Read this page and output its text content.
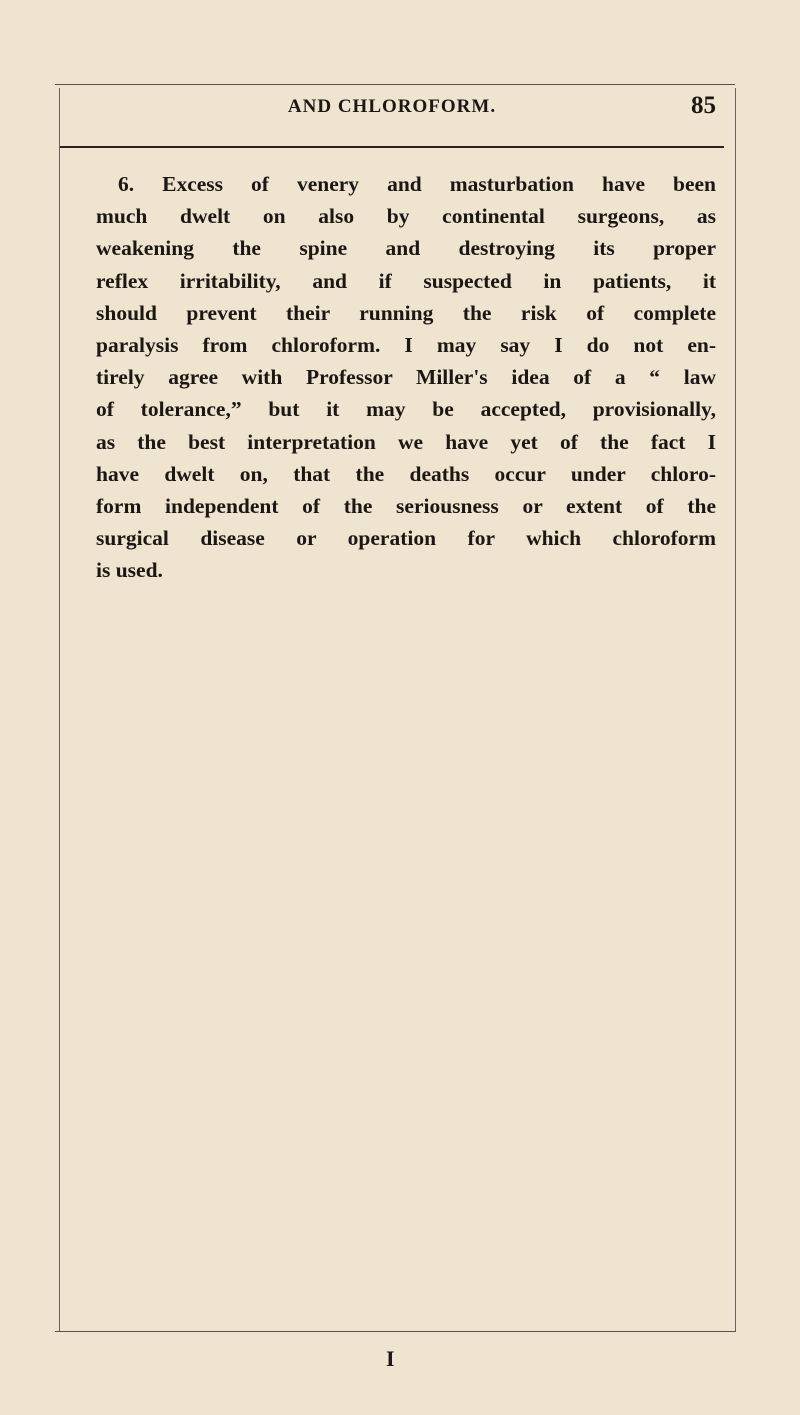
AND CHLOROFORM.	85
6. Excess of venery and masturbation have been
much dwelt on also by continental surgeons, as
weakening the spine and destroying its proper
reflex irritability, and if suspected in patients, it
should prevent their running the risk of complete
paralysis from chloroform. I may say I do not en-
tirely agree with Professor Miller's idea of a “ law
of tolerance,” but it may be accepted, provisionally,
as the best interpretation we have yet of the fact I
have dwelt on, that the deaths occur under chloro-
form independent of the seriousness or extent of the
surgical disease or operation for which chloroform
is used.
I
